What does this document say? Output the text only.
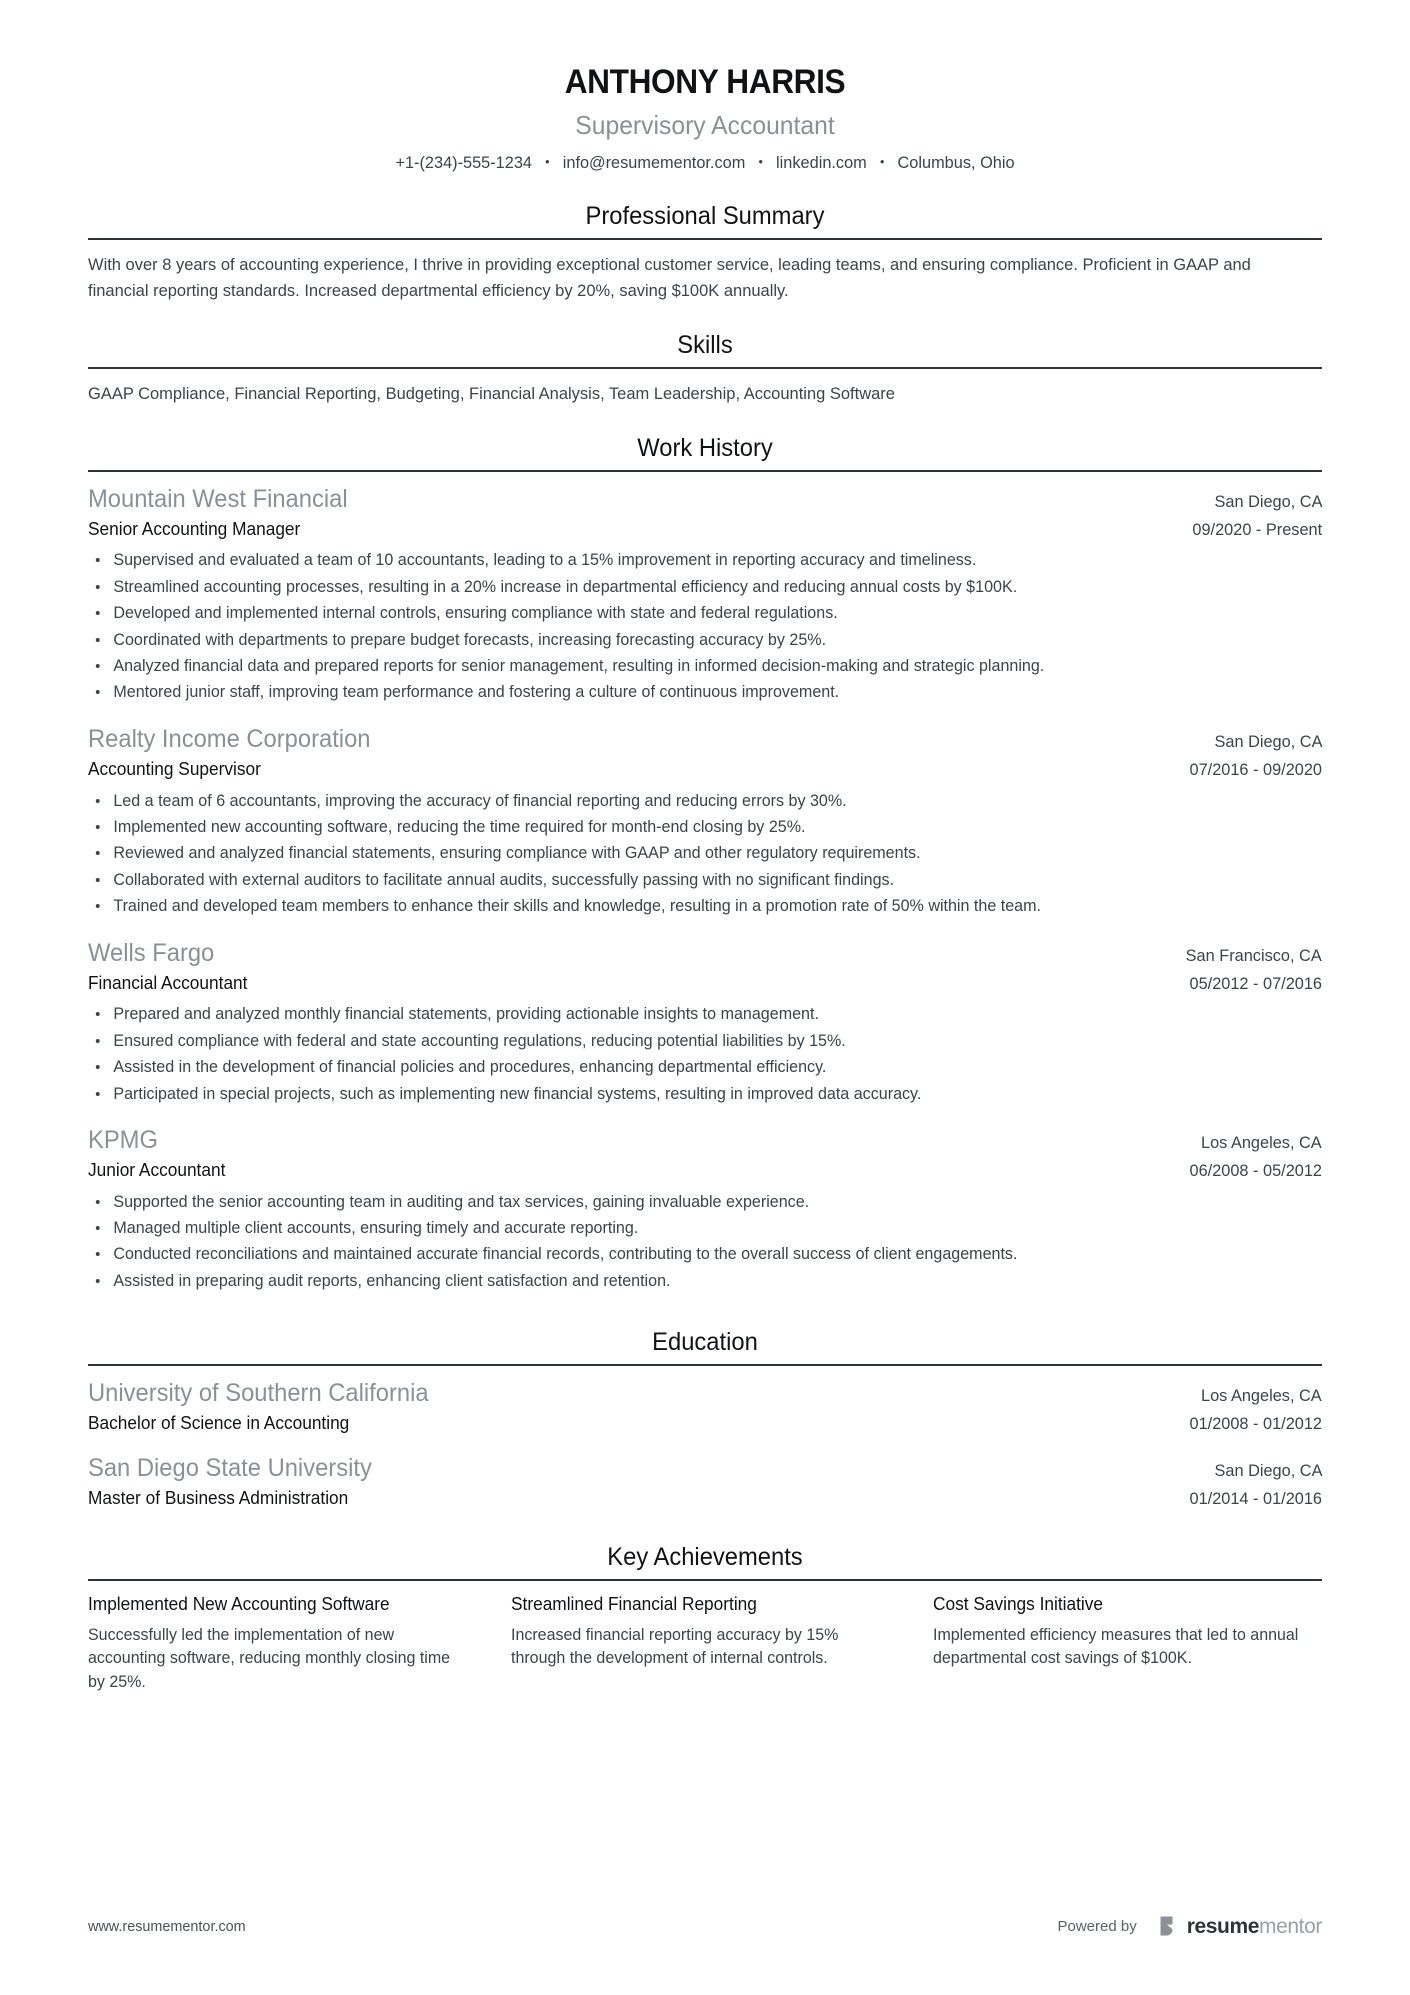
ANTHONY HARRIS
Supervisory Accountant
+1-(234)-555-1234 • info@resumementor.com • linkedin.com • Columbus, Ohio
Professional Summary

With over 8 years of accounting experience, I thrive in providing exceptional customer service, leading teams, and ensuring compliance. Proficient in GAAP and financial reporting standards. Increased departmental efficiency by 20%, saving $100K annually.

Skills

GAAP Compliance, Financial Reporting, Budgeting, Financial Analysis, Team Leadership, Accounting Software

Work History
Mountain West Financial	San Diego, CA
Senior Accounting Manager	09/2020 - Present
Supervised and evaluated a team of 10 accountants, leading to a 15% improvement in reporting accuracy and timeliness.
Streamlined accounting processes, resulting in a 20% increase in departmental efficiency and reducing annual costs by $100K.
Developed and implemented internal controls, ensuring compliance with state and federal regulations.
Coordinated with departments to prepare budget forecasts, increasing forecasting accuracy by 25%.
Analyzed financial data and prepared reports for senior management, resulting in informed decision-making and strategic planning.
Mentored junior staff, improving team performance and fostering a culture of continuous improvement.
Realty Income Corporation	San Diego, CA
Accounting Supervisor	07/2016 - 09/2020
Led a team of 6 accountants, improving the accuracy of financial reporting and reducing errors by 30%.
Implemented new accounting software, reducing the time required for month-end closing by 25%.
Reviewed and analyzed financial statements, ensuring compliance with GAAP and other regulatory requirements.
Collaborated with external auditors to facilitate annual audits, successfully passing with no significant findings.
Trained and developed team members to enhance their skills and knowledge, resulting in a promotion rate of 50% within the team.
Wells Fargo	San Francisco, CA
Financial Accountant	05/2012 - 07/2016
Prepared and analyzed monthly financial statements, providing actionable insights to management.
Ensured compliance with federal and state accounting regulations, reducing potential liabilities by 15%.
Assisted in the development of financial policies and procedures, enhancing departmental efficiency.
Participated in special projects, such as implementing new financial systems, resulting in improved data accuracy.
KPMG	Los Angeles, CA
Junior Accountant	06/2008 - 05/2012
Supported the senior accounting team in auditing and tax services, gaining invaluable experience.
Managed multiple client accounts, ensuring timely and accurate reporting.
Conducted reconciliations and maintained accurate financial records, contributing to the overall success of client engagements.
Assisted in preparing audit reports, enhancing client satisfaction and retention.
Education
University of Southern California	Los Angeles, CA
Bachelor of Science in Accounting	01/2008 - 01/2012
San Diego State University	San Diego, CA
Master of Business Administration	01/2014 - 01/2016
Key Achievements
Implemented New Accounting Software

Successfully led the implementation of new accounting software, reducing monthly closing time by 25%.

Streamlined Financial Reporting

Increased financial reporting accuracy by 15% through the development of internal controls.

Cost Savings Initiative

Implemented efficiency measures that led to annual departmental cost savings of $100K.

www.resumementor.com	Powered by resumementor
